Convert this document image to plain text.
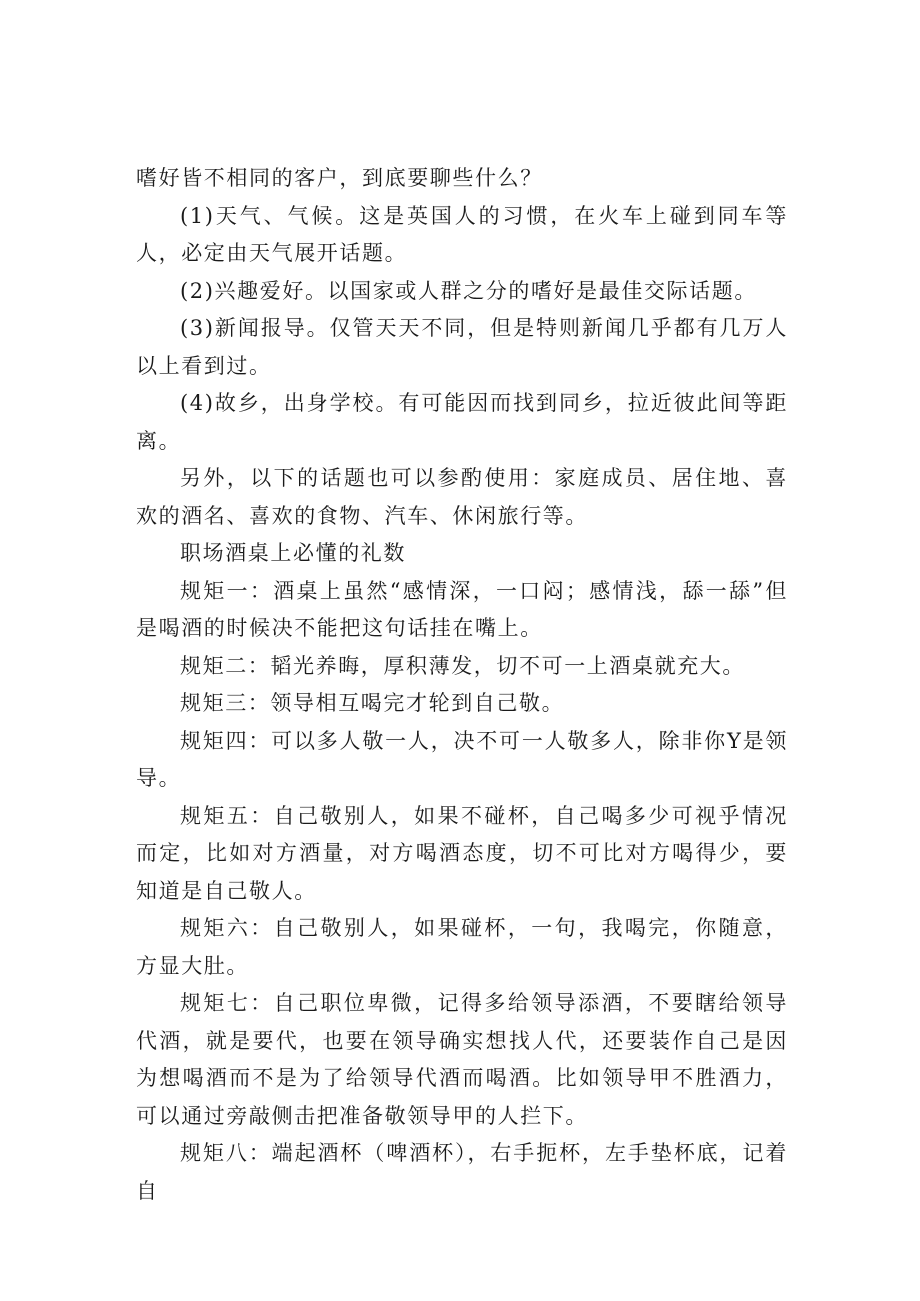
嗜好皆不相同的客户，到底要聊些什么？

(1)天气、气候。这是英国人的习惯，在火车上碰到同车等人，必定由天气展开话题。

(2)兴趣爱好。以国家或人群之分的嗜好是最佳交际话题。

(3)新闻报导。仅管天天不同，但是特则新闻几乎都有几万人以上看到过。

(4)故乡，出身学校。有可能因而找到同乡，拉近彼此间等距离。

另外，以下的话题也可以参酌使用：家庭成员、居住地、喜欢的酒名、喜欢的食物、汽车、休闲旅行等。

职场酒桌上必懂的礼数

规矩一：酒桌上虽然“感情深，一口闷；感情浅，舔一舔”但是喝酒的时候决不能把这句话挂在嘴上。

规矩二：韬光养晦，厚积薄发，切不可一上酒桌就充大。

规矩三：领导相互喝完才轮到自己敬。

规矩四：可以多人敬一人，决不可一人敬多人，除非你Y是领导。

规矩五：自己敬别人，如果不碰杯，自己喝多少可视乎情况而定，比如对方酒量，对方喝酒态度，切不可比对方喝得少，要知道是自己敬人。

规矩六：自己敬别人，如果碰杯，一句，我喝完，你随意，方显大肚。

规矩七：自己职位卑微，记得多给领导添酒，不要瞎给领导代酒，就是要代，也要在领导确实想找人代，还要装作自己是因为想喝酒而不是为了给领导代酒而喝酒。比如领导甲不胜酒力，可以通过旁敲侧击把准备敬领导甲的人拦下。

规矩八：端起酒杯（啤酒杯），右手扼杯，左手垫杯底，记着自
